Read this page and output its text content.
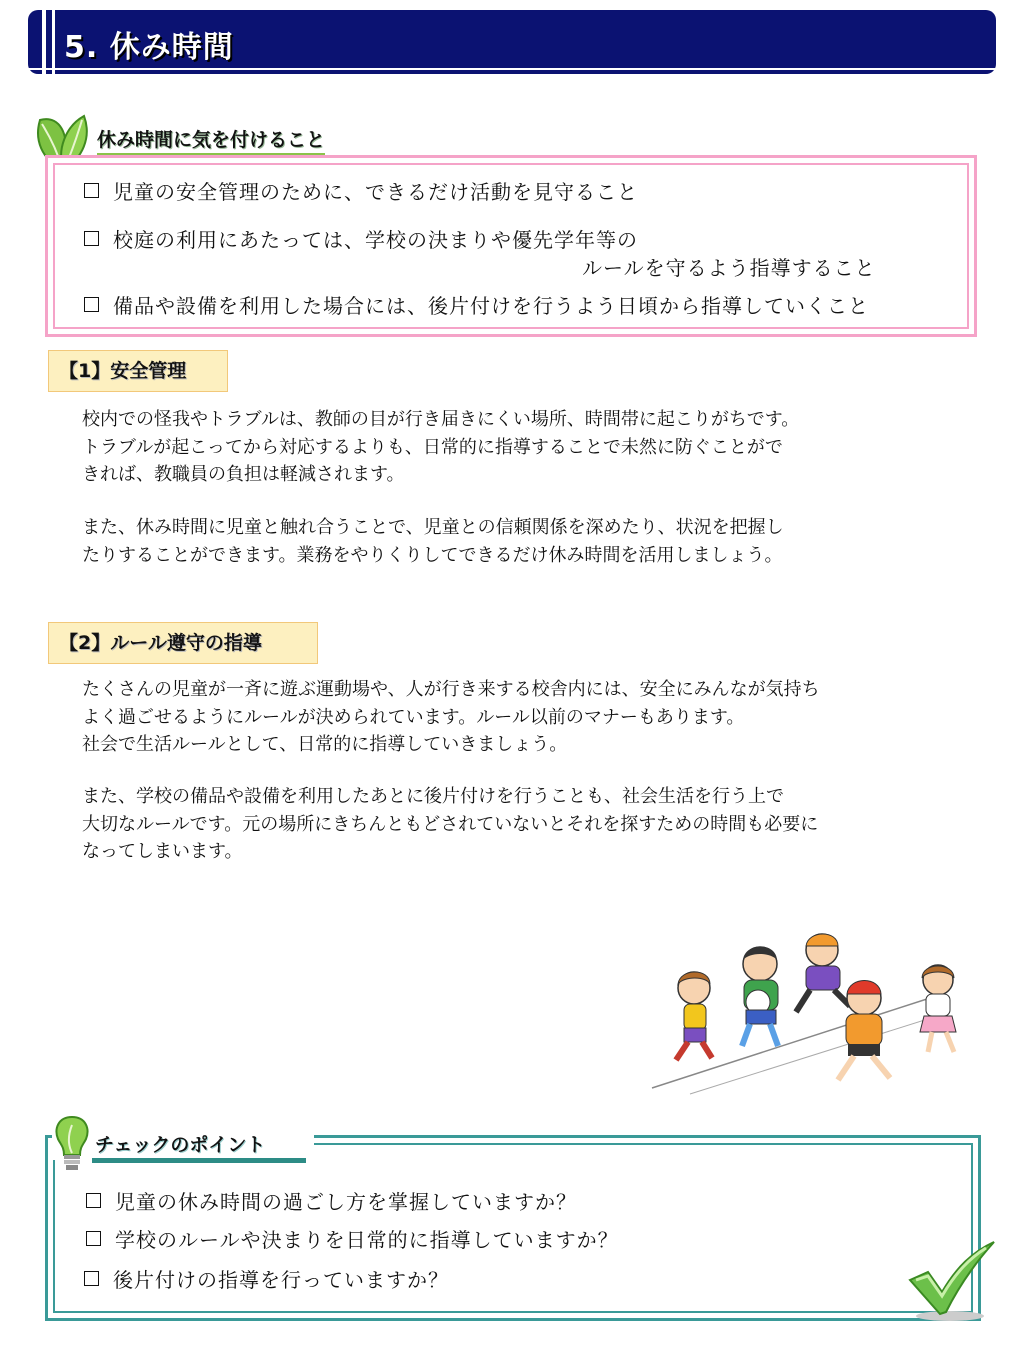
5. 休み時間
休み時間に気を付けること
児童の安全管理のために、できるだけ活動を見守ること
校庭の利用にあたっては、学校の決まりや優先学年等の
ルールを守るよう指導すること
備品や設備を利用した場合には、後片付けを行うよう日頃から指導していくこと
【1】安全管理
校内での怪我やトラブルは、教師の目が行き届きにくい場所、時間帯に起こりがちです。
トラブルが起こってから対応するよりも、日常的に指導することで未然に防ぐことがで
きれば、教職員の負担は軽減されます。
また、休み時間に児童と触れ合うことで、児童との信頼関係を深めたり、状況を把握し
たりすることができます。業務をやりくりしてできるだけ休み時間を活用しましょう。
【2】ルール遵守の指導
たくさんの児童が一斉に遊ぶ運動場や、人が行き来する校舎内には、安全にみんなが気持ち
よく過ごせるようにルールが決められています。ルール以前のマナーもあります。
社会で生活ルールとして、日常的に指導していきましょう。
また、学校の備品や設備を利用したあとに後片付けを行うことも、社会生活を行う上で
大切なルールです。元の場所にきちんともどされていないとそれを探すための時間も必要に
なってしまいます。
チェックのポイント
児童の休み時間の過ごし方を掌握していますか？
学校のルールや決まりを日常的に指導していますか？
後片付けの指導を行っていますか？
